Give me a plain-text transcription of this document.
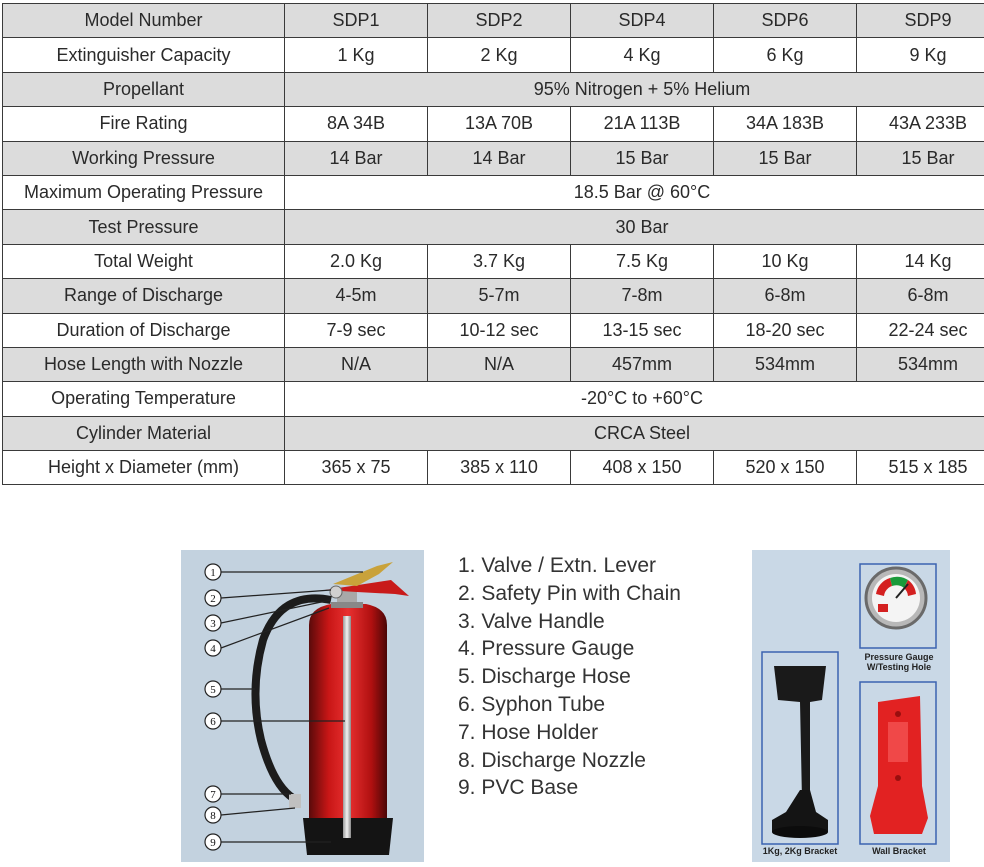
Model Number	SDP1	SDP2	SDP4	SDP6	SDP9
Extinguisher Capacity	1 Kg	2 Kg	4 Kg	6 Kg	9 Kg
Propellant	95% Nitrogen + 5% Helium				
Fire Rating	8A 34B	13A 70B	21A 113B	34A 183B	43A 233B
Working Pressure	14 Bar	14 Bar	15 Bar	15 Bar	15 Bar
Maximum Operating Pressure	18.5 Bar @ 60°C				
Test Pressure	30 Bar				
Total Weight	2.0 Kg	3.7 Kg	7.5 Kg	10 Kg	14 Kg
Range of Discharge	4-5m	5-7m	7-8m	6-8m	6-8m
Duration of Discharge	7-9 sec	10-12 sec	13-15 sec	18-20 sec	22-24 sec
Hose Length with Nozzle	N/A	N/A	457mm	534mm	534mm
Operating Temperature	-20°C to +60°C				
Cylinder Material	CRCA Steel				
Height x Diameter (mm)	365 x 75	385 x 110	408 x 150	520 x 150	515 x 185
1
2
3
4
5
6
7
8
9
1. Valve / Extn. Lever
2. Safety Pin with Chain
3. Valve Handle
4. Pressure Gauge
5. Discharge Hose
6. Syphon Tube
7. Hose Holder
8. Discharge Nozzle
9. PVC Base
Pressure Gauge
W/Testing Hole
1Kg, 2Kg Bracket	Wall Bracket
